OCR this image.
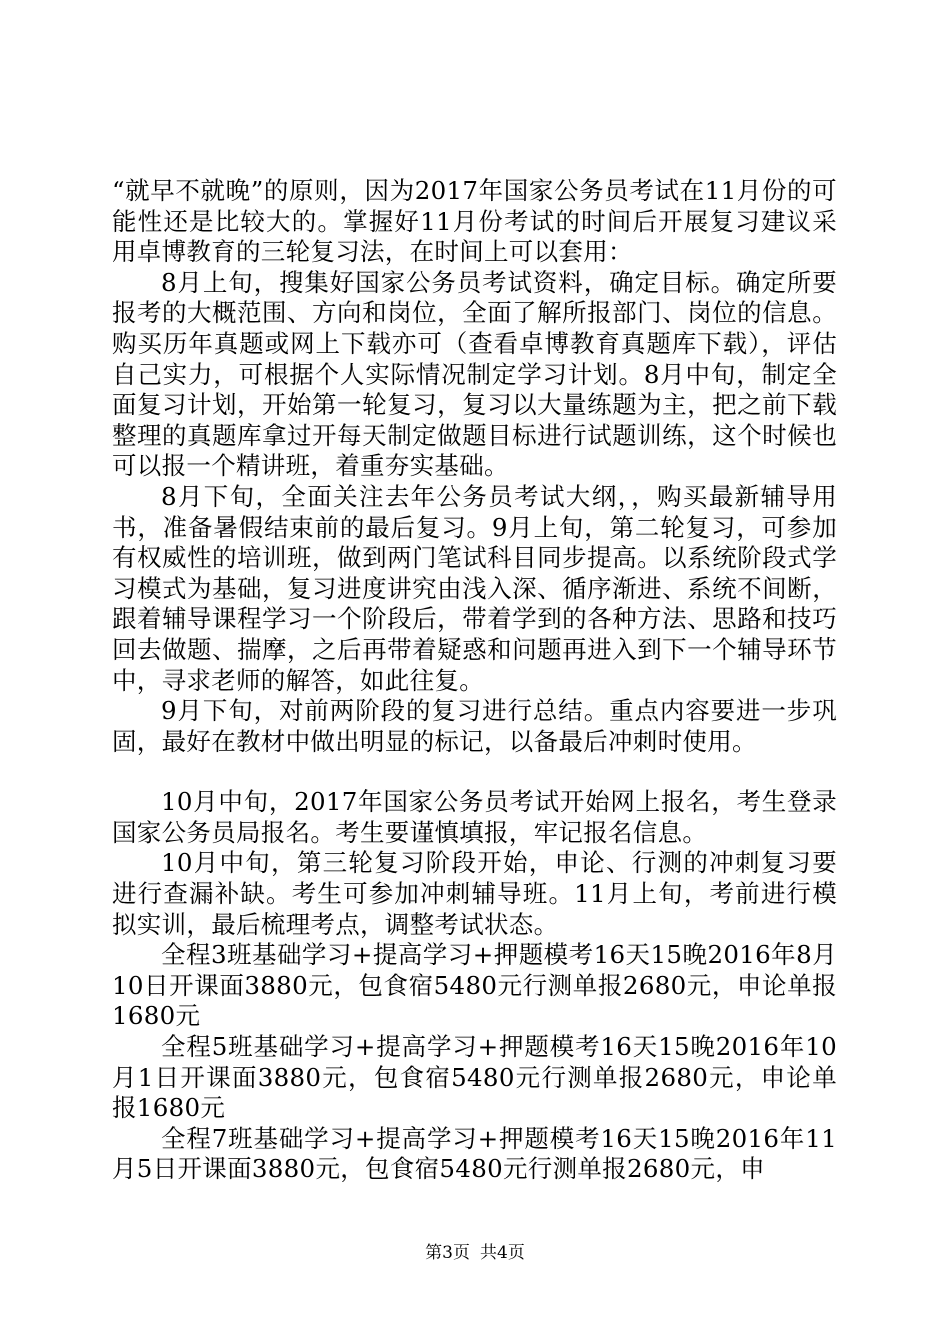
“就早不就晚”的原则，因为2017年国家公务员考试在11月份的可能性还是比较大的。掌握好11月份考试的时间后开展复习建议采用卓博教育的三轮复习法，在时间上可以套用：

8月上旬，搜集好国家公务员考试资料，确定目标。确定所要报考的大概范围、方向和岗位，全面了解所报部门、岗位的信息。购买历年真题或网上下载亦可（查看卓博教育真题库下载），评估自己实力，可根据个人实际情况制定学习计划。8月中旬，制定全面复习计划，开始第一轮复习，复习以大量练题为主，把之前下载整理的真题库拿过开每天制定做题目标进行试题训练，这个时候也可以报一个精讲班，着重夯实基础。

8月下旬，全面关注去年公务员考试大纲，，购买最新辅导用书，准备暑假结束前的最后复习。9月上旬，第二轮复习，可参加有权威性的培训班，做到两门笔试科目同步提高。以系统阶段式学习模式为基础，复习进度讲究由浅入深、循序渐进、系统不间断，跟着辅导课程学习一个阶段后，带着学到的各种方法、思路和技巧回去做题、揣摩，之后再带着疑惑和问题再进入到下一个辅导环节中，寻求老师的解答，如此往复。

9月下旬，对前两阶段的复习进行总结。重点内容要进一步巩固，最好在教材中做出明显的标记，以备最后冲刺时使用。

10月中旬，2017年国家公务员考试开始网上报名，考生登录国家公务员局报名。考生要谨慎填报，牢记报名信息。

10月中旬，第三轮复习阶段开始，申论、行测的冲刺复习要进行查漏补缺。考生可参加冲刺辅导班。11月上旬，考前进行模拟实训，最后梳理考点，调整考试状态。

全程3班基础学习+提高学习+押题模考16天15晚2016年8月10日开课面3880元，包食宿5480元行测单报2680元，申论单报1680元

全程5班基础学习+提高学习+押题模考16天15晚2016年10月1日开课面3880元，包食宿5480元行测单报2680元，申论单报1680元

全程7班基础学习+提高学习+押题模考16天15晚2016年11月5日开课面3880元，包食宿5480元行测单报2680元，申

第3页 共4页
